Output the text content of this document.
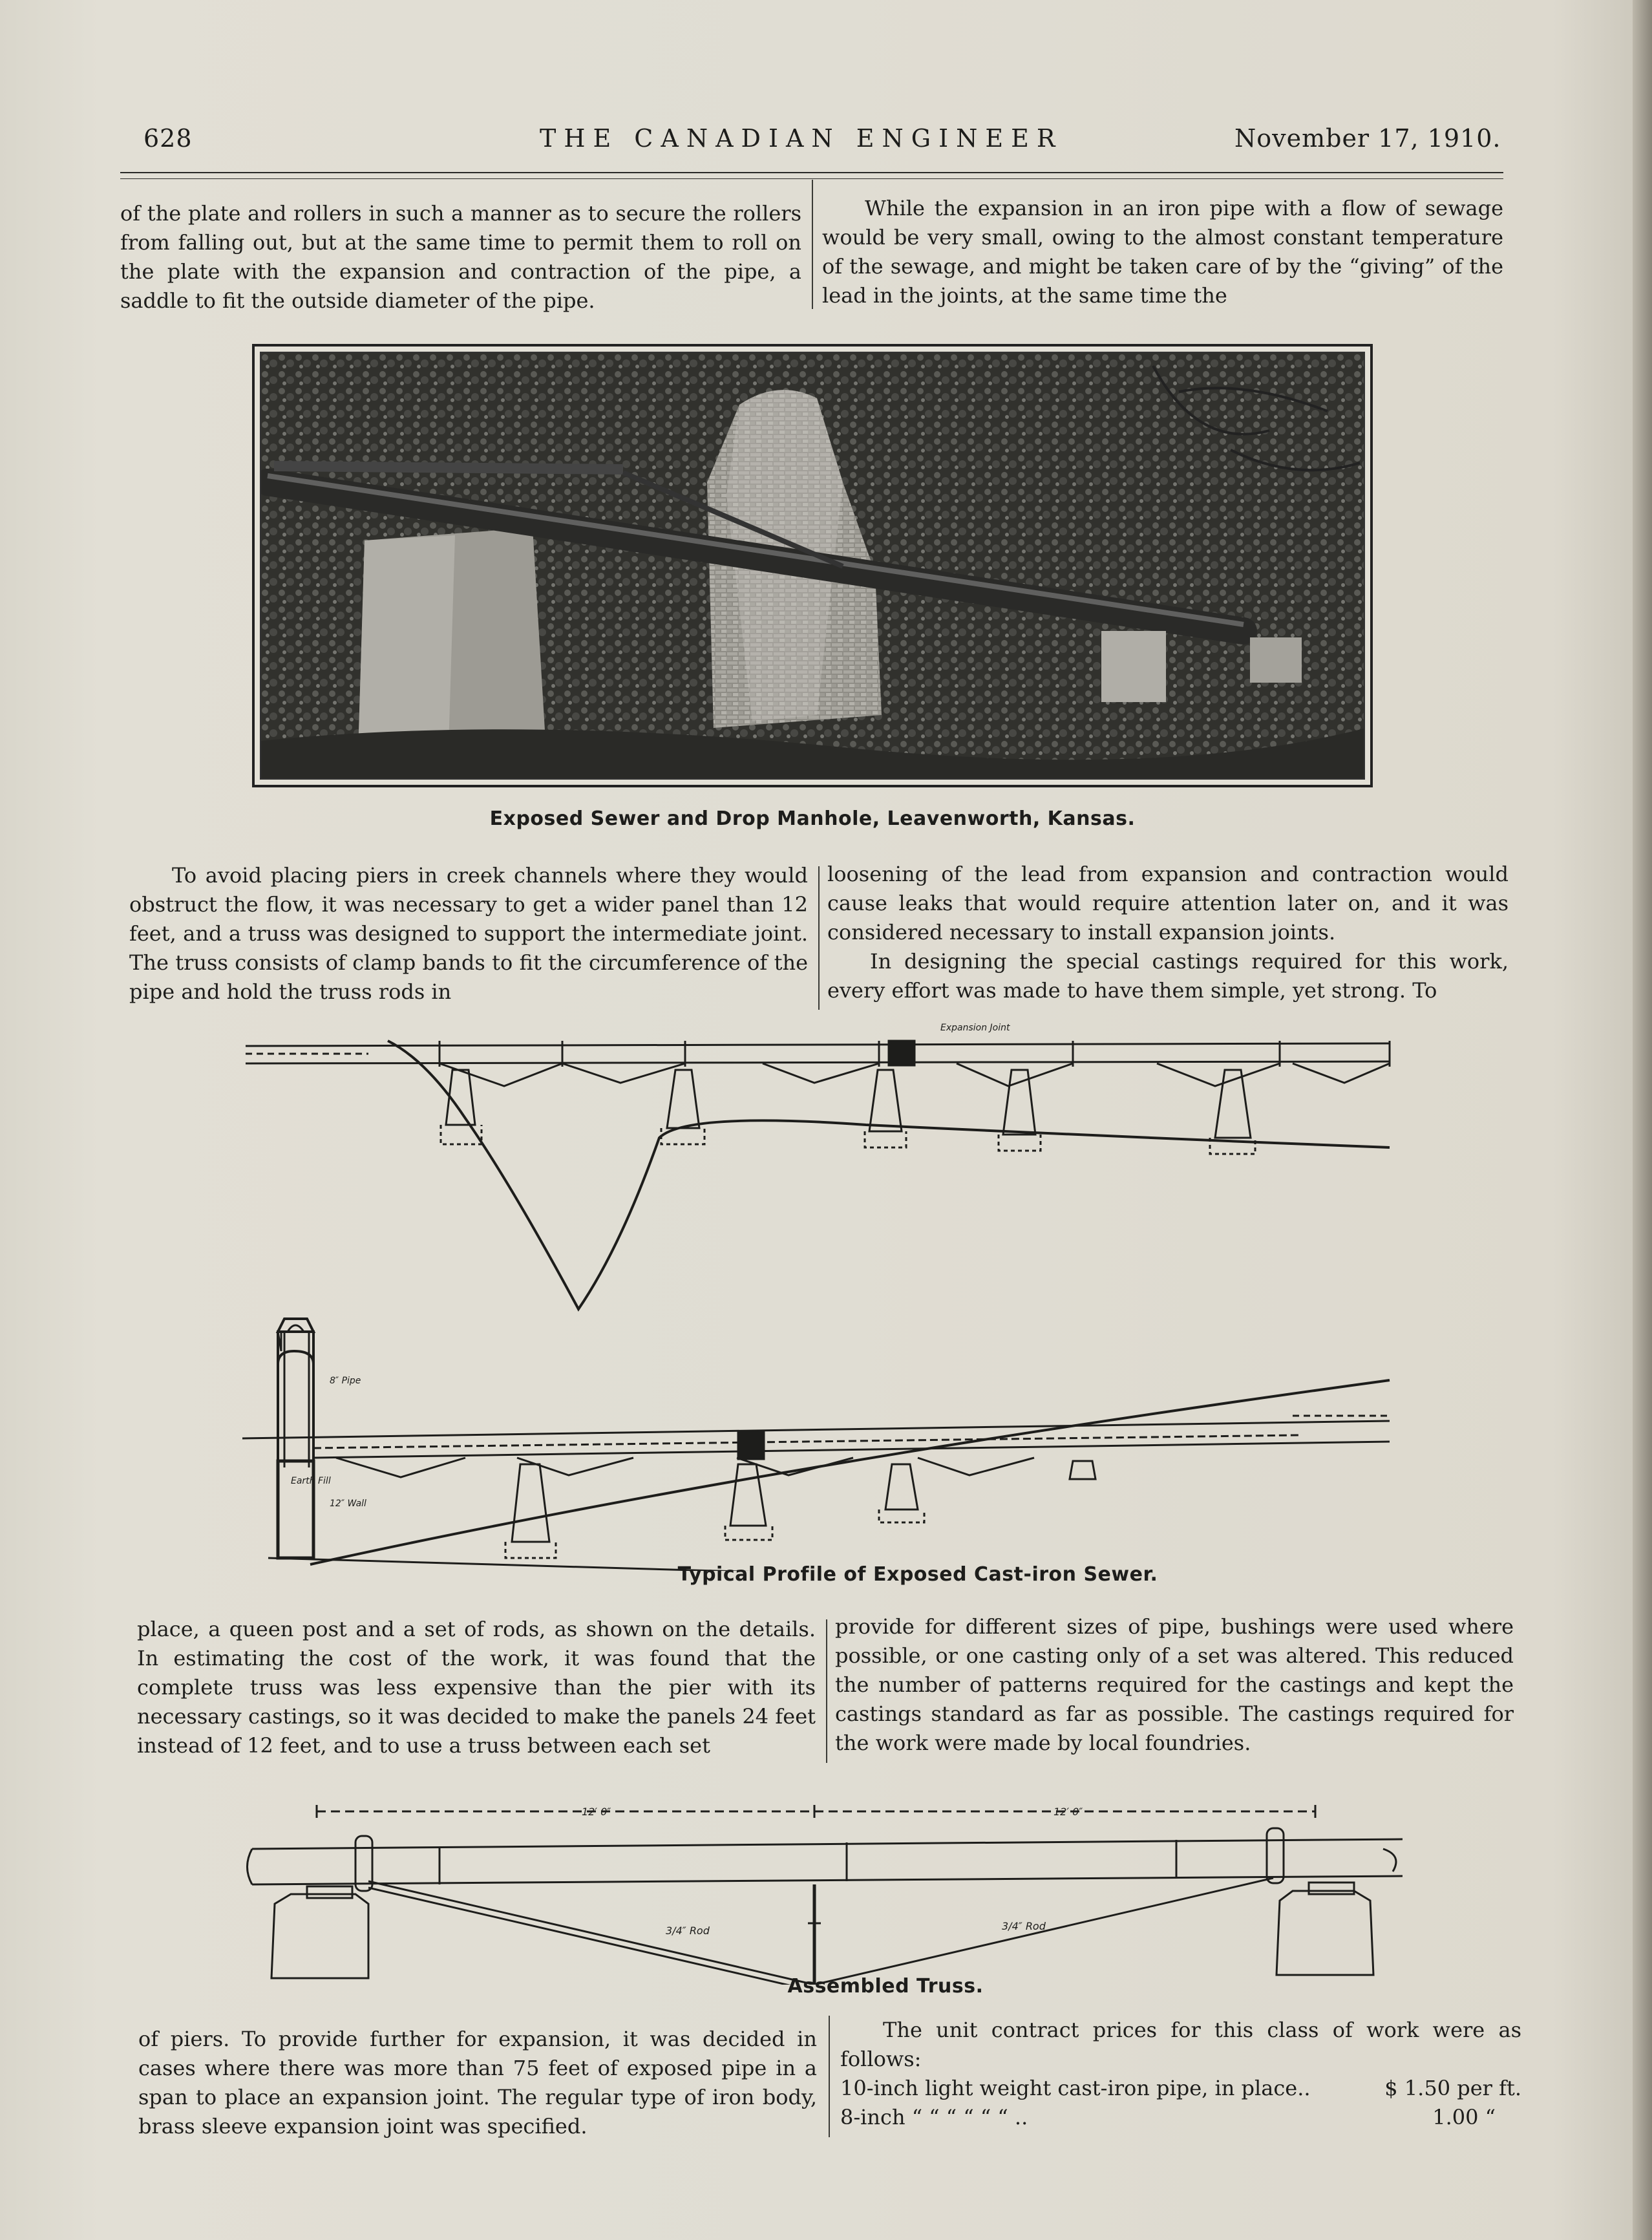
628	THE CANADIAN ENGINEER	November 17, 1910.

of the plate and rollers in such a manner as to secure the rollers from falling out, but at the same time to permit them to roll on the plate with the expansion and contraction of the pipe, a saddle to fit the outside diameter of the pipe.

While the expansion in an iron pipe with a flow of sewage would be very small, owing to the almost constant temperature of the sewage, and might be taken care of by the “giving” of the lead in the joints, at the same time the

Exposed Sewer and Drop Manhole, Leavenworth, Kansas.

To avoid placing piers in creek channels where they would obstruct the flow, it was necessary to get a wider panel than 12 feet, and a truss was designed to support the intermediate joint. The truss consists of clamp bands to fit the circumference of the pipe and hold the truss rods in

loosening of the lead from expansion and contraction would cause leaks that would require attention later on, and it was considered necessary to install expansion joints.

In designing the special castings required for this work, every effort was made to have them simple, yet strong. To

Expansion Joint
8″ Pipe
Earth Fill
12″ Wall
Typical Profile of Exposed Cast-iron Sewer.

place, a queen post and a set of rods, as shown on the details. In estimating the cost of the work, it was found that the complete truss was less expensive than the pier with its necessary castings, so it was decided to make the panels 24 feet instead of 12 feet, and to use a truss between each set

provide for different sizes of pipe, bushings were used where possible, or one casting only of a set was altered. This reduced the number of patterns required for the castings and kept the castings standard as far as possible. The castings required for the work were made by local foundries.

12′ 0″	12′ 0″
3/4″ Rod	3/4″ Rod
Assembled Truss.

of piers. To provide further for expansion, it was decided in cases where there was more than 75 feet of exposed pipe in a span to place an expansion joint. The regular type of iron body, brass sleeve expansion joint was specified.

The unit contract prices for this class of work were as follows:

10-inch light weight cast-iron pipe, in place..	$ 1.50 per ft.
8-inch “ “ “ “ “ “ ..	1.00 “
